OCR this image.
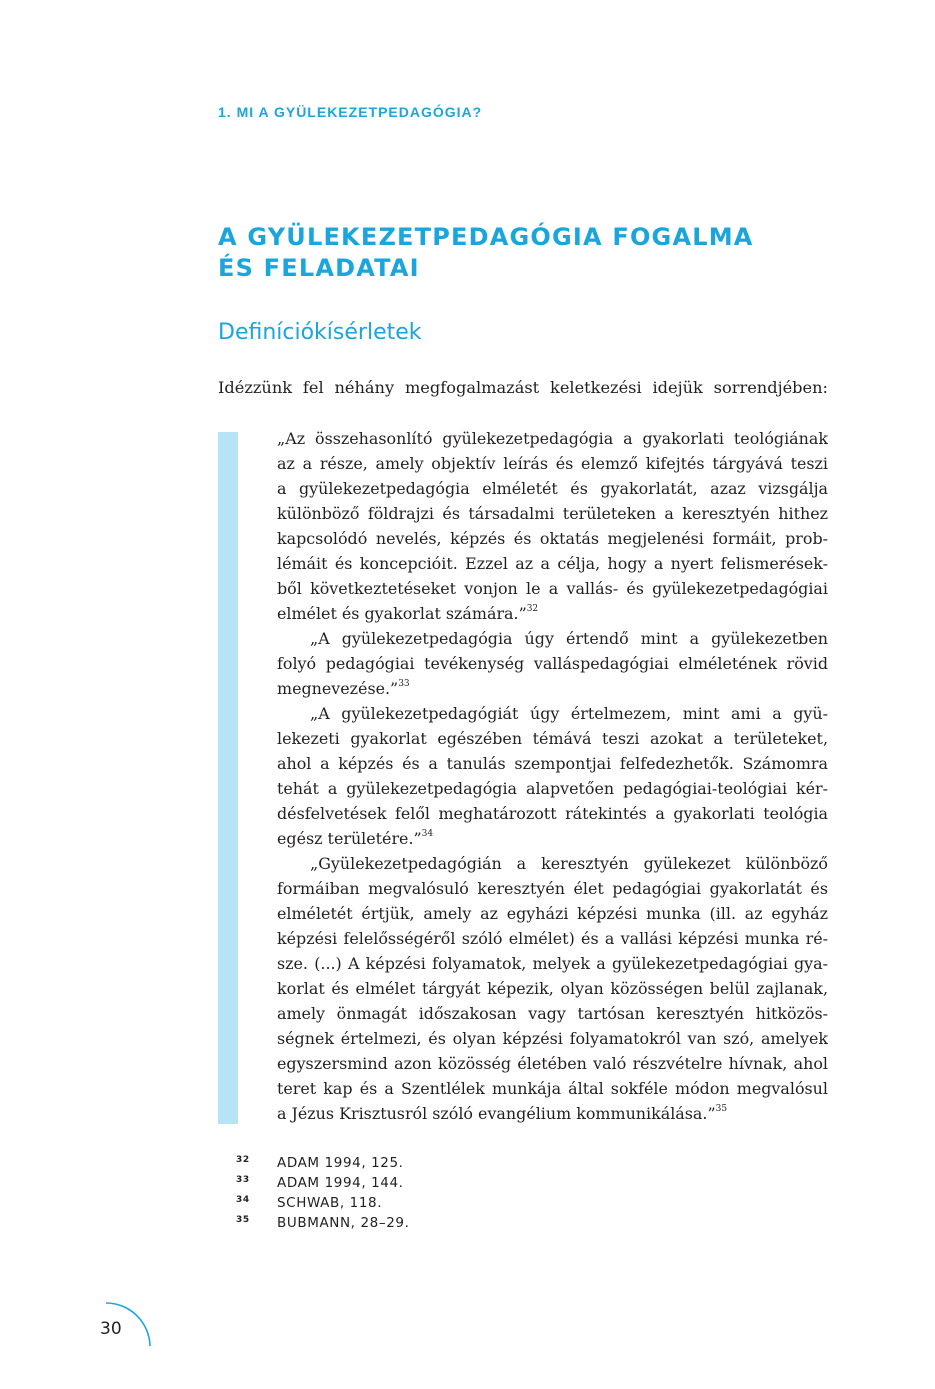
1. MI A GYÜLEKEZETPEDAGÓGIA?
A GYÜLEKEZETPEDAGÓGIA FOGALMA
ÉS FELADATAI
Definíciókísérletek
Idézzünk fel néhány megfogalmazást keletkezési idejük sorrendjében:
„Az összehasonlító gyülekezetpedagógia a gyakorlati teológiának
az a része, amely objektív leírás és elemző kifejtés tárgyává teszi
a gyülekezetpedagógia elméletét és gyakorlatát, azaz vizsgálja
különböző földrajzi és társadalmi területeken a keresztyén hithez
kapcsolódó nevelés, képzés és oktatás megjelenési formáit, prob-
lémáit és koncepcióit. Ezzel az a célja, hogy a nyert felismerések-
ből következtetéseket vonjon le a vallás- és gyülekezetpedagógiai
elmélet és gyakorlat számára.”$^{32}$
„A gyülekezetpedagógia úgy értendő mint a gyülekezetben
folyó pedagógiai tevékenység valláspedagógiai elméletének rövid
megnevezése.”$^{33}$
„A gyülekezetpedagógiát úgy értelmezem, mint ami a gyü-
lekezeti gyakorlat egészében témává teszi azokat a területeket,
ahol a képzés és a tanulás szempontjai felfedezhetők. Számomra
tehát a gyülekezetpedagógia alapvetően pedagógiai-teológiai kér-
désfelvetések felől meghatározott rátekintés a gyakorlati teológia
egész területére.”$^{34}$
„Gyülekezetpedagógián a keresztyén gyülekezet különböző
formáiban megvalósuló keresztyén élet pedagógiai gyakorlatát és
elméletét értjük, amely az egyházi képzési munka (ill. az egyház
képzési felelősségéről szóló elmélet) és a vallási képzési munka ré-
sze. (...) A képzési folyamatok, melyek a gyülekezetpedagógiai gya-
korlat és elmélet tárgyát képezik, olyan közösségen belül zajlanak,
amely önmagát időszakosan vagy tartósan keresztyén hitközös-
ségnek értelmezi, és olyan képzési folyamatokról van szó, amelyek
egyszersmind azon közösség életében való részvételre hívnak, ahol
teret kap és a Szentlélek munkája által sokféle módon megvalósul
a Jézus Krisztusról szóló evangélium kommunikálása.”$^{35}$
32	ADAM 1994, 125.
33	ADAM 1994, 144.
34	SCHWAB, 118.
35	BUBMANN, 28–29.
30
